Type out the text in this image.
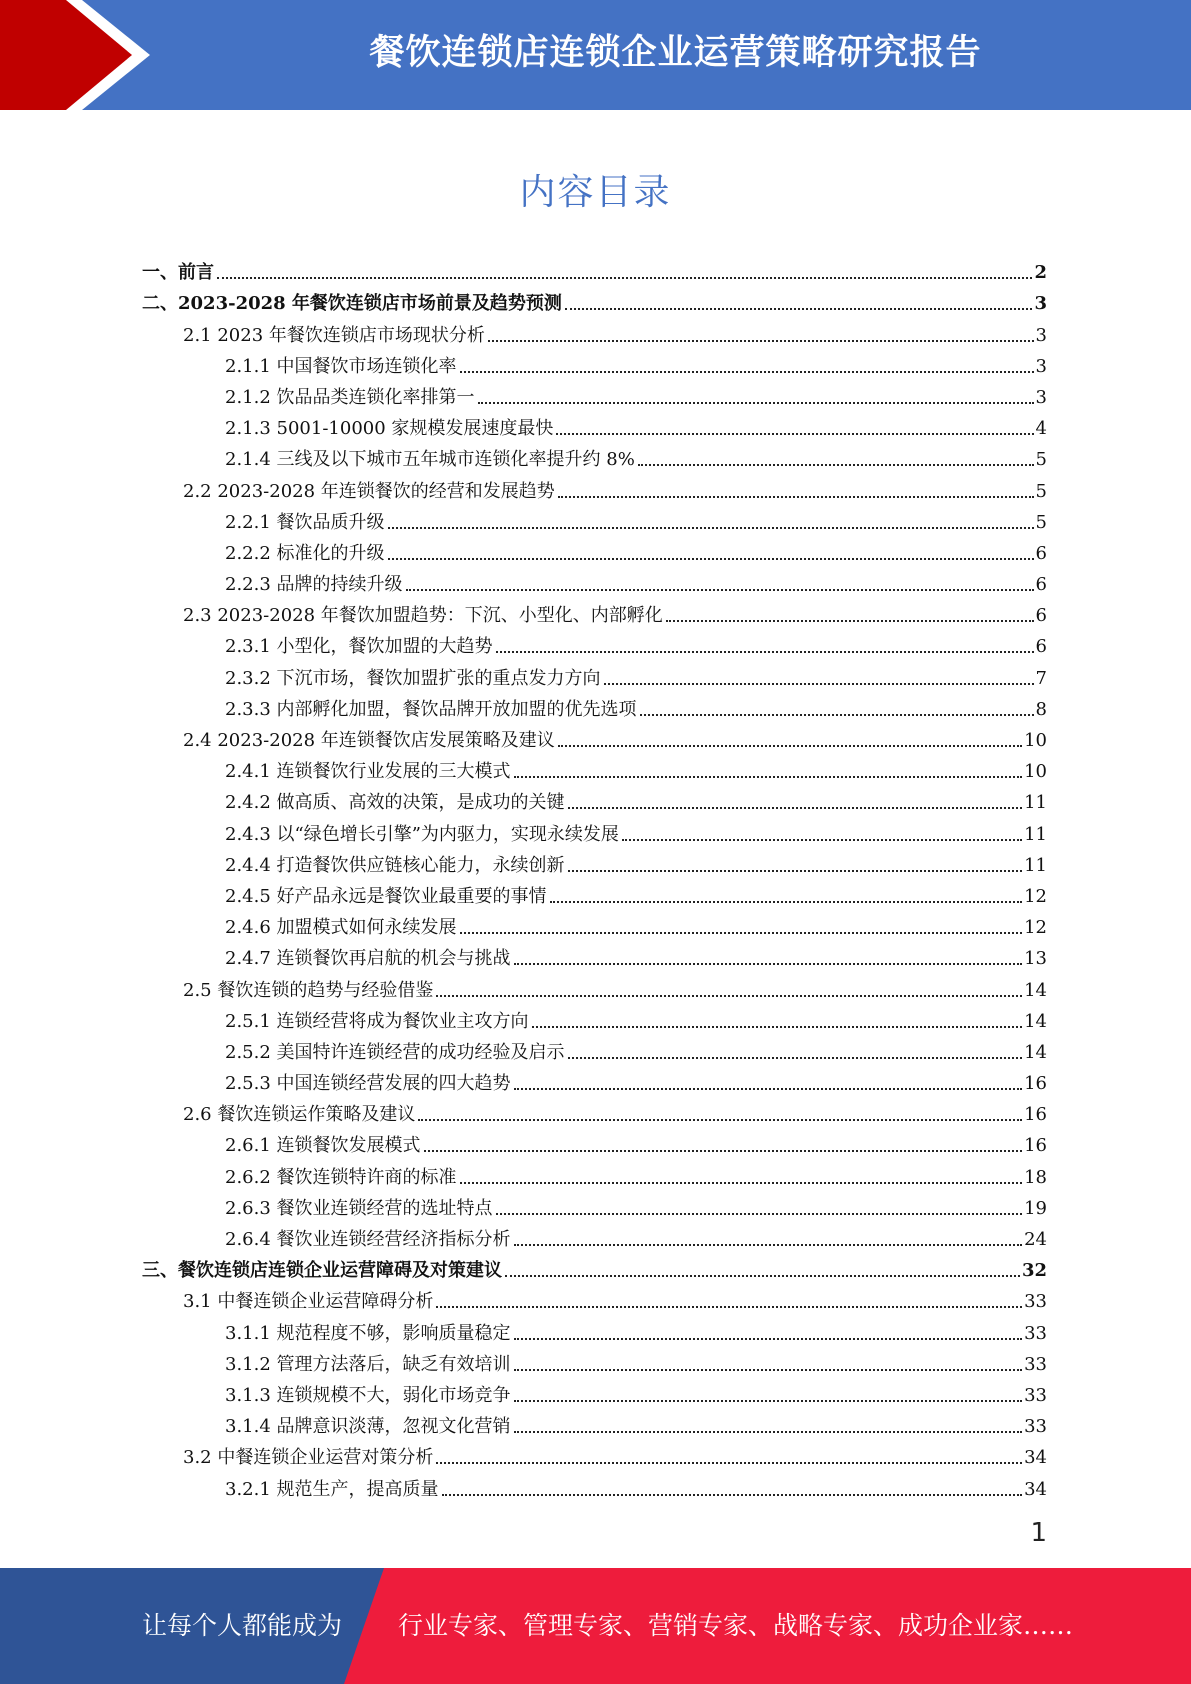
餐饮连锁店连锁企业运营策略研究报告
内容目录
一、前言	2
二、2023-2028 年餐饮连锁店市场前景及趋势预测	3
2.1 2023 年餐饮连锁店市场现状分析	3
2.1.1 中国餐饮市场连锁化率	3
2.1.2 饮品品类连锁化率排第一	3
2.1.3 5001-10000 家规模发展速度最快	4
2.1.4 三线及以下城市五年城市连锁化率提升约 8%	5
2.2 2023-2028 年连锁餐饮的经营和发展趋势	5
2.2.1 餐饮品质升级	5
2.2.2 标准化的升级	6
2.2.3 品牌的持续升级	6
2.3 2023-2028 年餐饮加盟趋势：下沉、小型化、内部孵化	6
2.3.1 小型化，餐饮加盟的大趋势	6
2.3.2 下沉市场，餐饮加盟扩张的重点发力方向	7
2.3.3 内部孵化加盟，餐饮品牌开放加盟的优先选项	8
2.4 2023-2028 年连锁餐饮店发展策略及建议	10
2.4.1 连锁餐饮行业发展的三大模式	10
2.4.2 做高质、高效的决策，是成功的关键	11
2.4.3 以“绿色增长引擎”为内驱力，实现永续发展	11
2.4.4 打造餐饮供应链核心能力，永续创新	11
2.4.5 好产品永远是餐饮业最重要的事情	12
2.4.6 加盟模式如何永续发展	12
2.4.7 连锁餐饮再启航的机会与挑战	13
2.5 餐饮连锁的趋势与经验借鉴	14
2.5.1 连锁经营将成为餐饮业主攻方向	14
2.5.2 美国特许连锁经营的成功经验及启示	14
2.5.3 中国连锁经营发展的四大趋势	16
2.6 餐饮连锁运作策略及建议	16
2.6.1 连锁餐饮发展模式	16
2.6.2 餐饮连锁特许商的标准	18
2.6.3 餐饮业连锁经营的选址特点	19
2.6.4 餐饮业连锁经营经济指标分析	24
三、餐饮连锁店连锁企业运营障碍及对策建议	32
3.1 中餐连锁企业运营障碍分析	33
3.1.1 规范程度不够，影响质量稳定	33
3.1.2 管理方法落后，缺乏有效培训	33
3.1.3 连锁规模不大，弱化市场竞争	33
3.1.4 品牌意识淡薄，忽视文化营销	33
3.2 中餐连锁企业运营对策分析	34
3.2.1 规范生产，提高质量	34
1
让每个人都能成为 行业专家、管理专家、营销专家、战略专家、成功企业家……
